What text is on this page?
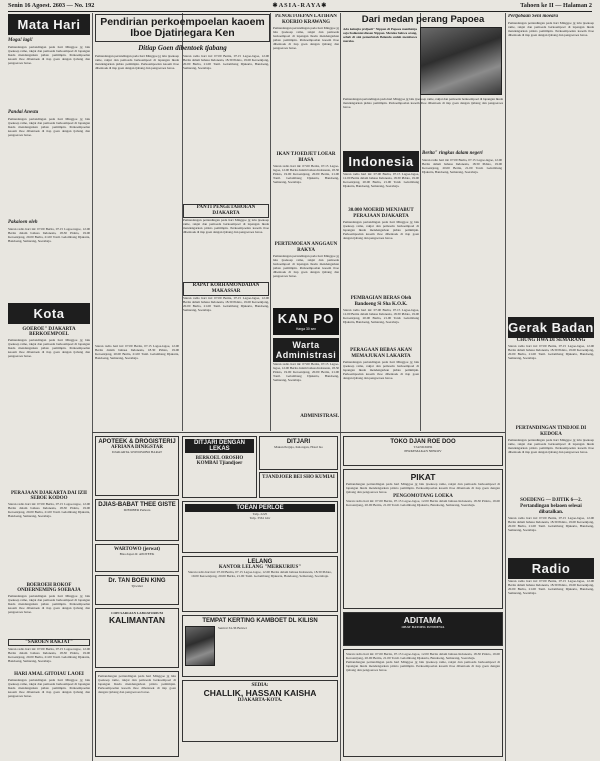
Senin 16 Agoest. 2603 — No. 192	✱ASIA-RAYA✱	Tahoen ke II — Halaman 2
Mata Hari
Moga! lagi!
Pemandangan pertandingan pada hari Minggoe jg lalu tjoekoep rame, rakjat dan pemoeda berkoempoel di lapangan Ikada mendengarkan pidato pemimpin. Perkoempoelan kaoem iboe dibentoek di tiap goen dengan tjabang dan pengoeroes baroe.
Pandai Anestu
Pemandangan pertandingan pada hari Minggoe jg lalu tjoekoep rame, rakjat dan pemoeda berkoempoel di lapangan Ikada mendengarkan pidato pemimpin. Perkoempoelan kaoem iboe dibentoek di tiap goen dengan tjabang dan pengoeroes baroe.
Pakaioen oleh
Siaran radio hari ini: 07.00 Berita, 07.15 Lagoe-lagoe, 12.00 Berita dalam bahasa Indonesia, 18.30 Pidato, 19.00 Keroentjong, 20.00 Berita, 21.00 Tonil. Gelombang Djakarta, Bandoeng, Semarang, Soerabaja.
Kota
GOEROE" DJAKARTA BERKOEMPOEL
Pemandangan pertandingan pada hari Minggoe jg lalu tjoekoep rame, rakjat dan pemoeda berkoempoel di lapangan Ikada mendengarkan pidato pemimpin. Perkoempoelan kaoem iboe dibentoek di tiap goen dengan tjabang dan pengoeroes baroe.
PERAJAAN DJAKARTA DAI IZII SEBOE KODOO
Siaran radio hari ini: 07.00 Berita, 07.15 Lagoe-lagoe, 12.00 Berita dalam bahasa Indonesia, 18.30 Pidato, 19.00 Keroentjong, 20.00 Berita, 21.00 Tonil. Gelombang Djakarta, Bandoeng, Semarang, Soerabaja.
BOEROEH ROKOF ONDERNEMING SOEBAJA
Pemandangan pertandingan pada hari Minggoe jg lalu tjoekoep rame, rakjat dan pemoeda berkoempoel di lapangan Ikada mendengarkan pidato pemimpin. Perkoempoelan kaoem iboe dibentoek di tiap goen dengan tjabang dan pengoeroes baroe.
"SAROEN RAKJAT"
Siaran radio hari ini: 07.00 Berita, 07.15 Lagoe-lagoe, 12.00 Berita dalam bahasa Indonesia, 18.30 Pidato, 19.00 Keroentjong, 20.00 Berita, 21.00 Tonil. Gelombang Djakarta, Bandoeng, Semarang, Soerabaja.
HARI AMAL GITOIAU LAOEI
Pemandangan pertandingan pada hari Minggoe jg lalu tjoekoep rame, rakjat dan pemoeda berkoempoel di lapangan Ikada mendengarkan pidato pemimpin. Perkoempoelan kaoem iboe dibentoek di tiap goen dengan tjabang dan pengoeroes baroe.
Pendirian perkoempoelan kaoem Iboe Djatinegara Ken
Ditiap Goen dibentoek tjabang
Pemandangan pertandingan pada hari Minggoe jg lalu tjoekoep rame, rakjat dan pemoeda berkoempoel di lapangan Ikada mendengarkan pidato pemimpin. Perkoempoelan kaoem iboe dibentoek di tiap goen dengan tjabang dan pengoeroes baroe.
Siaran radio hari ini: 07.00 Berita, 07.15 Lagoe-lagoe, 12.00 Berita dalam bahasa Indonesia, 18.30 Pidato, 19.00 Keroentjong, 20.00 Berita, 21.00 Tonil. Gelombang Djakarta, Bandoeng, Semarang, Soerabaja.
Siaran radio hari ini: 07.00 Berita, 07.15 Lagoe-lagoe, 12.00 Berita dalam bahasa Indonesia, 18.30 Pidato, 19.00 Keroentjong, 20.00 Berita, 21.00 Tonil. Gelombang Djakarta, Bandoeng, Semarang, Soerabaja.
PANTI PENGETAHOEAN DJAKARTA
Pemandangan pertandingan pada hari Minggoe jg lalu tjoekoep rame, rakjat dan pemoeda berkoempoel di lapangan Ikada mendengarkan pidato pemimpin. Perkoempoelan kaoem iboe dibentoek di tiap goen dengan tjabang dan pengoeroes baroe.
RAPAT KORHAMONDADAN MAKASSAR
Siaran radio hari ini: 07.00 Berita, 07.15 Lagoe-lagoe, 12.00 Berita dalam bahasa Indonesia, 18.30 Pidato, 19.00 Keroentjong, 20.00 Berita, 21.00 Tonil. Gelombang Djakarta, Bandoeng, Semarang, Soerabaja.
PENOETOEPAN LATIHAN KOERIO KRAWANG
Pemandangan pertandingan pada hari Minggoe jg lalu tjoekoep rame, rakjat dan pemoeda berkoempoel di lapangan Ikada mendengarkan pidato pemimpin. Perkoempoelan kaoem iboe dibentoek di tiap goen dengan tjabang dan pengoeroes baroe.
IKAN TJOEDJET LOEAR BIASA
Siaran radio hari ini: 07.00 Berita, 07.15 Lagoe-lagoe, 12.00 Berita dalam bahasa Indonesia, 18.30 Pidato, 19.00 Keroentjong, 20.00 Berita, 21.00 Tonil. Gelombang Djakarta, Bandoeng, Semarang, Soerabaja.
PERTEMOEAN ANGGAUN RAKYA
Pemandangan pertandingan pada hari Minggoe jg lalu tjoekoep rame, rakjat dan pemoeda berkoempoel di lapangan Ikada mendengarkan pidato pemimpin. Perkoempoelan kaoem iboe dibentoek di tiap goen dengan tjabang dan pengoeroes baroe.
KAN PO
Harga 30 sen
Warta Administrasi
Siaran radio hari ini: 07.00 Berita, 07.15 Lagoe-lagoe, 12.00 Berita dalam bahasa Indonesia, 18.30 Pidato, 19.00 Keroentjong, 20.00 Berita, 21.00 Tonil. Gelombang Djakarta, Bandoeng, Semarang, Soerabaja.
ADMINISTRASI.
Dari medan perang Papoea
Ada keinsjia prdjoeit" Nippon di Papoea menilainja saja Kaikentai diesan Nippon. Mereka bahwa orang, sebab di sini pemerintah Belanda sudah membawa mereka.
Pemandangan pertandingan pada hari Minggoe jg lalu tjoekoep rame, rakjat dan pemoeda berkoempoel di lapangan Ikada mendengarkan pidato pemimpin. Perkoempoelan kaoem iboe dibentoek di tiap goen dengan tjabang dan pengoeroes baroe.
Indonesia
Siaran radio hari ini: 07.00 Berita, 07.15 Lagoe-lagoe, 12.00 Berita dalam bahasa Indonesia, 18.30 Pidato, 19.00 Keroentjong, 20.00 Berita, 21.00 Tonil. Gelombang Djakarta, Bandoeng, Semarang, Soerabaja.
30.000 MOERID MENJABUT PERAJAAN DJAKARTA
Pemandangan pertandingan pada hari Minggoe jg lalu tjoekoep rame, rakjat dan pemoeda berkoempoel di lapangan Ikada mendengarkan pidato pemimpin. Perkoempoelan kaoem iboe dibentoek di tiap goen dengan tjabang dan pengoeroes baroe.
PEMBAGIAN BERAS Oleh Bandoeng Si Sha K.O.K.
Siaran radio hari ini: 07.00 Berita, 07.15 Lagoe-lagoe, 12.00 Berita dalam bahasa Indonesia, 18.30 Pidato, 19.00 Keroentjong, 20.00 Berita, 21.00 Tonil. Gelombang Djakarta, Bandoeng, Semarang, Soerabaja.
PERAGAAN BEBAS AKAN MEMAJUKAN LAKARTA
Pemandangan pertandingan pada hari Minggoe jg lalu tjoekoep rame, rakjat dan pemoeda berkoempoel di lapangan Ikada mendengarkan pidato pemimpin. Perkoempoelan kaoem iboe dibentoek di tiap goen dengan tjabang dan pengoeroes baroe.
Berita" ringkas dalam negeri
Siaran radio hari ini: 07.00 Berita, 07.15 Lagoe-lagoe, 12.00 Berita dalam bahasa Indonesia, 18.30 Pidato, 19.00 Keroentjong, 20.00 Berita, 21.00 Tonil. Gelombang Djakarta, Bandoeng, Semarang, Soerabaja.
Pertjobaan Seni moeara
Pemandangan pertandingan pada hari Minggoe jg lalu tjoekoep rame, rakjat dan pemoeda berkoempoel di lapangan Ikada mendengarkan pidato pemimpin. Perkoempoelan kaoem iboe dibentoek di tiap goen dengan tjabang dan pengoeroes baroe.
Gerak Badan
CHUNG HWA DI SEMARANG
Siaran radio hari ini: 07.00 Berita, 07.15 Lagoe-lagoe, 12.00 Berita dalam bahasa Indonesia, 18.30 Pidato, 19.00 Keroentjong, 20.00 Berita, 21.00 Tonil. Gelombang Djakarta, Bandoeng, Semarang, Soerabaja.
PERTANDINGAN TINDJOE DI KEDOEA
Pemandangan pertandingan pada hari Minggoe jg lalu tjoekoep rame, rakjat dan pemoeda berkoempoel di lapangan Ikada mendengarkan pidato pemimpin. Perkoempoelan kaoem iboe dibentoek di tiap goen dengan tjabang dan pengoeroes baroe.
SOEDENG — DJITIK 6—2. Pertandingan belaoen selesai dibatalkan.
Siaran radio hari ini: 07.00 Berita, 07.15 Lagoe-lagoe, 12.00 Berita dalam bahasa Indonesia, 18.30 Pidato, 19.00 Keroentjong, 20.00 Berita, 21.00 Tonil. Gelombang Djakarta, Bandoeng, Semarang, Soerabaja.
Radio
Siaran radio hari ini: 07.00 Berita, 07.15 Lagoe-lagoe, 12.00 Berita dalam bahasa Indonesia, 18.30 Pidato, 19.00 Keroentjong, 20.00 Berita, 21.00 Tonil. Gelombang Djakarta, Bandoeng, Semarang, Soerabaja.
APOTEEK & DROGISTERIJ
AFRIANA DINIGSTAR
DJAKARTA-WONOSOBO BARAT
DJIAS-BABAT THEE GISTE
DJEMBER Perkara
WARTOWO (jerwat)
Bisa dapat di: APOTEEK
Dr. TAN BOEN KING
Tjiwidei
COPI SARGIAN LABOATORIUM
KALIMANTAN
Pemandangan pertandingan pada hari Minggoe jg lalu tjoekoep rame, rakjat dan pemoeda berkoempoel di lapangan Ikada mendengarkan pidato pemimpin. Perkoempoelan kaoem iboe dibentoek di tiap goen dengan tjabang dan pengoeroes baroe.
DITJARI DENGAN LEKAS
BERKOEL OROSHO KOMBAI Tjiandjoer
DITJARI
Makan Perjaja, Kalongan, Hotel Iso
TJANDJOER BEI SHO KUMIAI
TOEAN PERLOE
Telp. 2225
Telp. 3561 Gbr
LELANG
KANTOR LELANG "MERKURIUS"
Siaran radio hari ini: 07.00 Berita, 07.15 Lagoe-lagoe, 12.00 Berita dalam bahasa Indonesia, 18.30 Pidato, 19.00 Keroentjong, 20.00 Berita, 21.00 Tonil. Gelombang Djakarta, Bandoeng, Semarang, Soerabaja.
TEMPAT KERTING KAMBOET DL KILISN
Sentral 34-36 Betawi
SEDIA:
CHALLIK, HASSAN KAISHA
DJAKARTA-KOTA.
TOKO DJAN ROE DOO
TJANDJOER
PERKEMAKAN NIEROV
PIKAT
Pemandangan pertandingan pada hari Minggoe jg lalu tjoekoep rame, rakjat dan pemoeda berkoempoel di lapangan Ikada mendengarkan pidato pemimpin. Perkoempoelan kaoem iboe dibentoek di tiap goen dengan tjabang dan pengoeroes baroe.
PENGOMOTANG LOEKA
Siaran radio hari ini: 07.00 Berita, 07.15 Lagoe-lagoe, 12.00 Berita dalam bahasa Indonesia, 18.30 Pidato, 19.00 Keroentjong, 20.00 Berita, 21.00 Tonil. Gelombang Djakarta, Bandoeng, Semarang, Soerabaja.
ADITAMA
OBAT BATOEK ISTIMEWA
Siaran radio hari ini: 07.00 Berita, 07.15 Lagoe-lagoe, 12.00 Berita dalam bahasa Indonesia, 18.30 Pidato, 19.00 Keroentjong, 20.00 Berita, 21.00 Tonil. Gelombang Djakarta, Bandoeng, Semarang, Soerabaja.
Pemandangan pertandingan pada hari Minggoe jg lalu tjoekoep rame, rakjat dan pemoeda berkoempoel di lapangan Ikada mendengarkan pidato pemimpin. Perkoempoelan kaoem iboe dibentoek di tiap goen dengan tjabang dan pengoeroes baroe.
